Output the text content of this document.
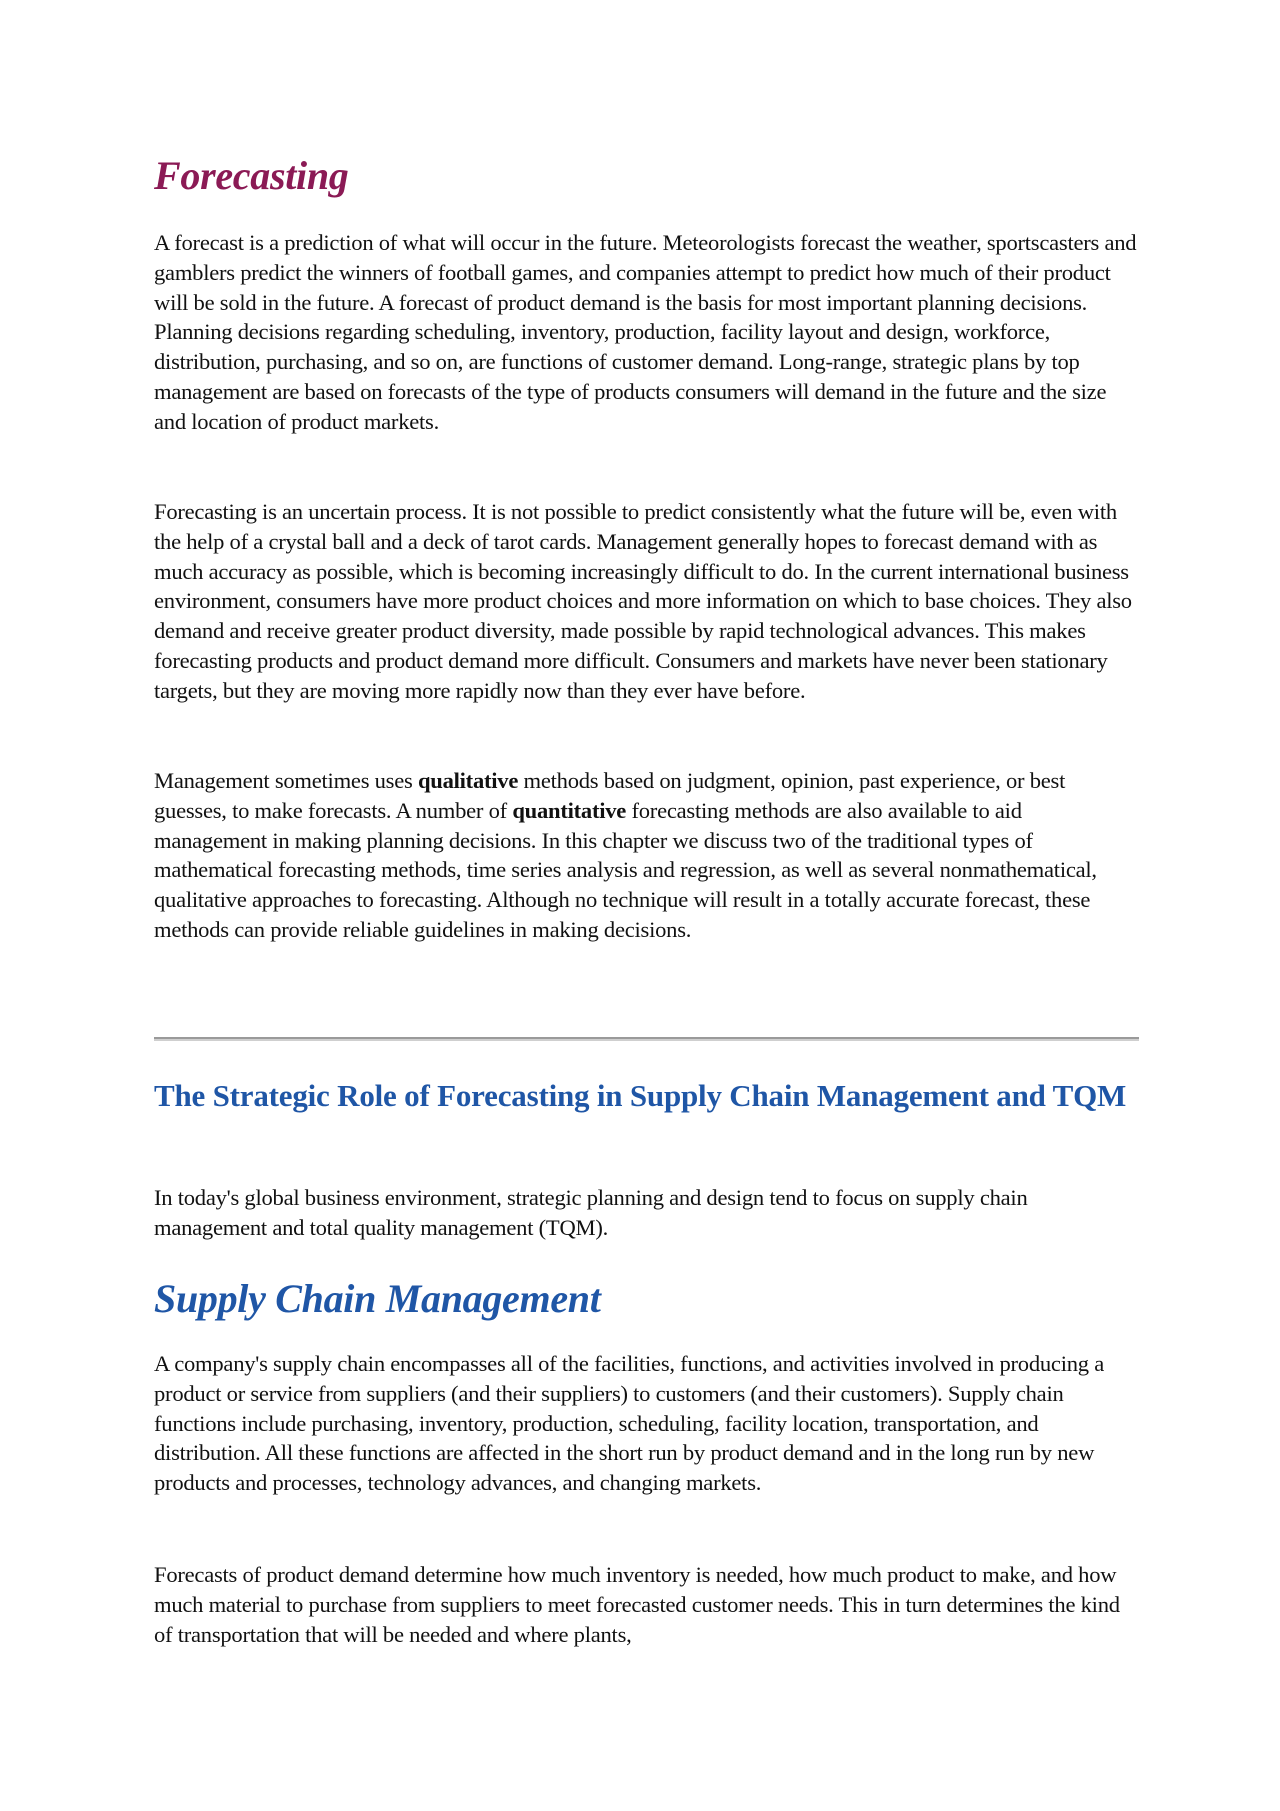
Forecasting

A forecast is a prediction of what will occur in the future. Meteorologists forecast the weather, sportscasters and gamblers predict the winners of football games, and companies attempt to predict how much of their product will be sold in the future. A forecast of product demand is the basis for most important planning decisions. Planning decisions regarding scheduling, inventory, production, facility layout and design, workforce, distribution, purchasing, and so on, are functions of customer demand. Long-range, strategic plans by top management are based on forecasts of the type of products consumers will demand in the future and the size and location of product markets.

Forecasting is an uncertain process. It is not possible to predict consistently what the future will be, even with the help of a crystal ball and a deck of tarot cards. Management generally hopes to forecast demand with as much accuracy as possible, which is becoming increasingly difficult to do. In the current international business environment, consumers have more product choices and more information on which to base choices. They also demand and receive greater product diversity, made possible by rapid technological advances. This makes forecasting products and product demand more difficult. Consumers and markets have never been stationary targets, but they are moving more rapidly now than they ever have before.

Management sometimes uses qualitative methods based on judgment, opinion, past experience, or best guesses, to make forecasts. A number of quantitative forecasting methods are also available to aid management in making planning decisions. In this chapter we discuss two of the traditional types of mathematical forecasting methods, time series analysis and regression, as well as several nonmathematical, qualitative approaches to forecasting. Although no technique will result in a totally accurate forecast, these methods can provide reliable guidelines in making decisions.

The Strategic Role of Forecasting in Supply Chain Management and TQM

In today's global business environment, strategic planning and design tend to focus on supply chain management and total quality management (TQM).

Supply Chain Management

A company's supply chain encompasses all of the facilities, functions, and activities involved in producing a product or service from suppliers (and their suppliers) to customers (and their customers). Supply chain functions include purchasing, inventory, production, scheduling, facility location, transportation, and distribution. All these functions are affected in the short run by product demand and in the long run by new products and processes, technology advances, and changing markets.

Forecasts of product demand determine how much inventory is needed, how much product to make, and how much material to purchase from suppliers to meet forecasted customer needs. This in turn determines the kind of transportation that will be needed and where plants,
